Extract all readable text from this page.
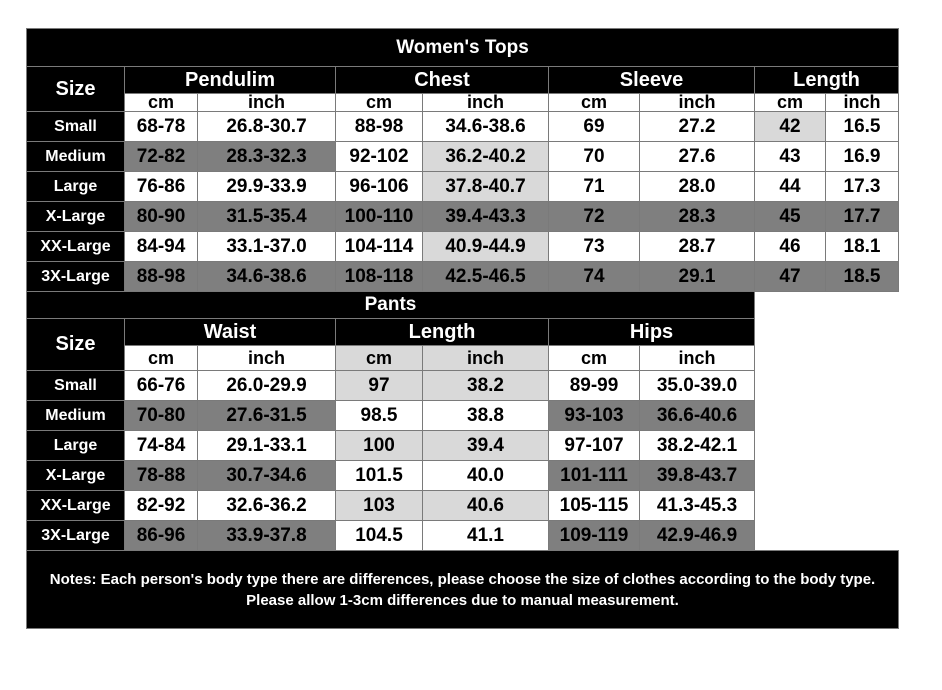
Women's Tops								
Size	Pendulim		Chest		Sleeve		Length	
	cm	inch	cm	inch	cm	inch	cm	inch
Small	68-78	26.8-30.7	88-98	34.6-38.6	69	27.2	42	16.5
Medium	72-82	28.3-32.3	92-102	36.2-40.2	70	27.6	43	16.9
Large	76-86	29.9-33.9	96-106	37.8-40.7	71	28.0	44	17.3
X-Large	80-90	31.5-35.4	100-110	39.4-43.3	72	28.3	45	17.7
XX-Large	84-94	33.1-37.0	104-114	40.9-44.9	73	28.7	46	18.1
3X-Large	88-98	34.6-38.6	108-118	42.5-46.5	74	29.1	47	18.5
Pants								
Size	Waist		Length		Hips			
	cm	inch	cm	inch	cm	inch		
Small	66-76	26.0-29.9	97	38.2	89-99	35.0-39.0		
Medium	70-80	27.6-31.5	98.5	38.8	93-103	36.6-40.6		
Large	74-84	29.1-33.1	100	39.4	97-107	38.2-42.1		
X-Large	78-88	30.7-34.6	101.5	40.0	101-111	39.8-43.7		
XX-Large	82-92	32.6-36.2	103	40.6	105-115	41.3-45.3		
3X-Large	86-96	33.9-37.8	104.5	41.1	109-119	42.9-46.9		

Notes: Each person's body type there are differences, please choose the size of clothes according to the body type.
Please allow 1-3cm differences due to manual measurement.								
